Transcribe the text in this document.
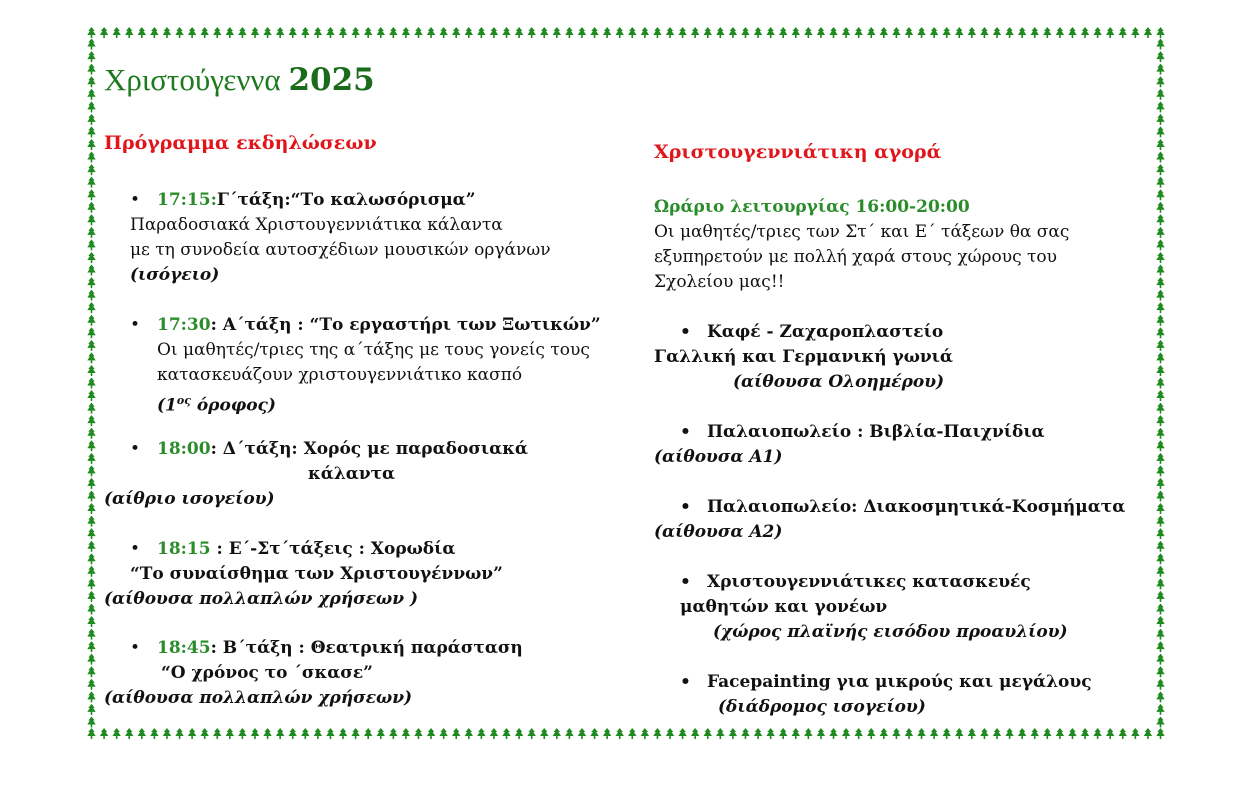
Χριστούγεννα 2025
Πρόγραμμα εκδηλώσεων
• 17:15:Γ΄τάξη:“Το καλωσόρισμα”
Παραδοσιακά Χριστουγεννιάτικα κάλαντα
με τη συνοδεία αυτοσχέδιων μουσικών οργάνων
(ισόγειο)
• 17:30: Α΄τάξη : “Το εργαστήρι των Ξωτικών”
Οι μαθητές/τριες της α΄τάξης με τους γονείς τους
κατασκευάζουν χριστουγεννιάτικο κασπό
($1^{o\varsigma}$ όροφος)
• 18:00: Δ΄τάξη: Χορός με παραδοσιακά
κάλαντα
(αίθριο ισογείου)
• 18:15 : Ε΄-Στ΄τάξεις : Χορωδία
“Το συναίσθημα των Χριστουγέννων”
(αίθουσα πολλαπλών χρήσεων )
• 18:45: Β΄τάξη : Θεατρική παράσταση
“Ο χρόνος το ΄σκασε”
(αίθουσα πολλαπλών χρήσεων)
Χριστουγεννιάτικη αγορά
Ωράριο λειτουργίας 16:00-20:00
Οι μαθητές/τριες των Στ΄ και Ε΄ τάξεων θα σας
εξυπηρετούν με πολλή χαρά στους χώρους του
Σχολείου μας!!
• Καφέ - Ζαχαροπλαστείο
Γαλλική και Γερμανική γωνιά
(αίθουσα Ολοημέρου)
• Παλαιοπωλείο : Βιβλία-Παιχνίδια
(αίθουσα Α1)
• Παλαιοπωλείο: Διακοσμητικά-Κοσμήματα
(αίθουσα Α2)
• Χριστουγεννιάτικες κατασκευές
μαθητών και γονέων
(χώρος πλαϊνής εισόδου προαυλίου)
• Facepainting για μικρούς και μεγάλους
(διάδρομος ισογείου)
